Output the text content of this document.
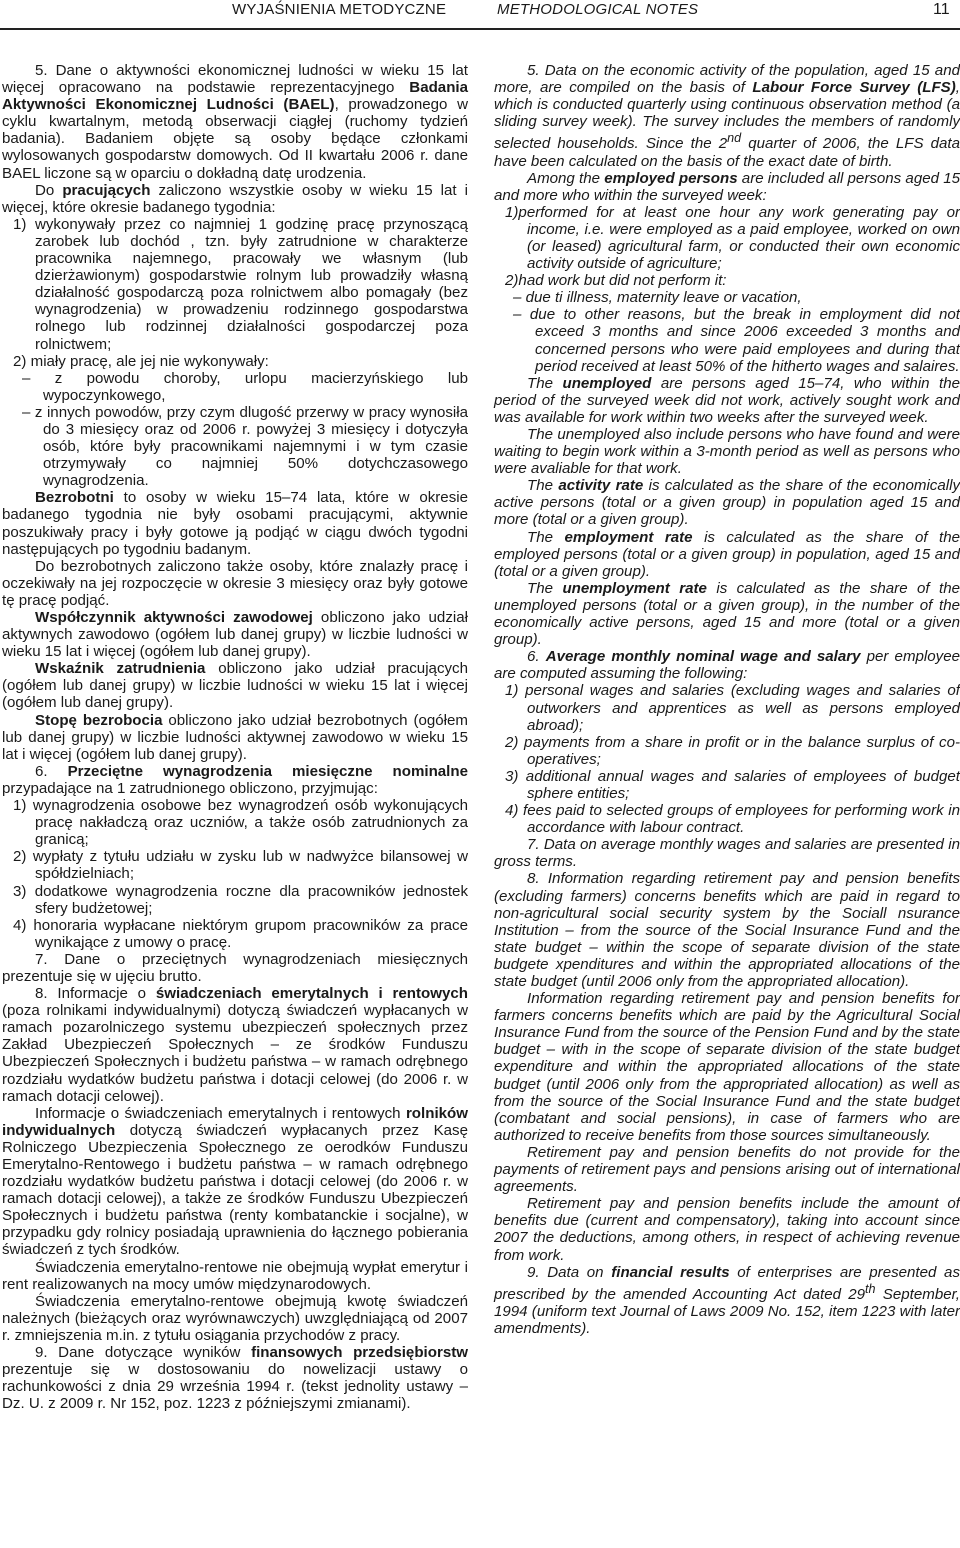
WYJAŚNIENIA METODYCZNE	METHODOLOGICAL NOTES	11

5. Dane o aktywności ekonomicznej ludności w wieku 15 lat więcej opracowano na podstawie reprezentacyjnego Badania Aktywności Ekonomicznej Ludności (BAEL), prowadzonego w cyklu kwartalnym, metodą obserwacji ciągłej (ruchomy tydzień badania). Badaniem objęte są osoby będące członkami wylosowanych gospodarstw domowych. Od II kwartału 2006 r. dane BAEL liczone są w oparciu o dokładną datę urodzenia.

Do pracujących zaliczono wszystkie osoby w wieku 15 lat i więcej, które okresie badanego tygodnia:

1) wykonywały przez co najmniej 1 godzinę pracę przynoszącą zarobek lub dochód , tzn. były zatrudnione w charakterze pracownika najemnego, pracowały we własnym (lub dzierżawionym) gospodarstwie rolnym lub prowadziły własną działalność gospodarczą poza rolnictwem albo pomagały (bez wynagrodzenia) w prowadzeniu rodzinnego gospodarstwa rolnego lub rodzinnej działalności gospodarczej poza rolnictwem;

2) miały pracę, ale jej nie wykonywały:

– z powodu choroby, urlopu macierzyńskiego lub wypoczynkowego,

– z innych powodów, przy czym dlugość przerwy w pracy wynosiła do 3 miesięcy oraz od 2006 r. powyżej 3 miesięcy i dotyczyła osób, które były pracownikami najemnymi i w tym czasie otrzymywały co najmniej 50% dotychczasowego wynagrodzenia.

Bezrobotni to osoby w wieku 15–74 lata, które w okresie badanego tygodnia nie były osobami pracującymi, aktywnie poszukiwały pracy i były gotowe ją podjąć w ciągu dwóch tygodni następujących po tygodniu badanym.

Do bezrobotnych zaliczono także osoby, które znalazły pracę i oczekiwały na jej rozpoczęcie w okresie 3 miesięcy oraz były gotowe tę pracę podjąć.

Współczynnik aktywności zawodowej obliczono jako udział aktywnych zawodowo (ogółem lub danej grupy) w liczbie ludności w wieku 15 lat i więcej (ogółem lub danej grupy).

Wskaźnik zatrudnienia obliczono jako udział pracujących (ogółem lub danej grupy) w liczbie ludności w wieku 15 lat i więcej (ogółem lub danej grupy).

Stopę bezrobocia obliczono jako udział bezrobotnych (ogółem lub danej grupy) w liczbie ludności aktywnej zawodowo w wieku 15 lat i więcej (ogółem lub danej grupy).

6. Przeciętne wynagrodzenia miesięczne nominalne przypadające na 1 zatrudnionego obliczono, przyjmując:

1) wynagrodzenia osobowe bez wynagrodzeń osób wykonujących pracę nakładczą oraz uczniów, a także osób zatrudnionych za granicą;

2) wypłaty z tytułu udziału w zysku lub w nadwyżce bilansowej w spółdzielniach;

3) dodatkowe wynagrodzenia roczne dla pracowników jednostek sfery budżetowej;

4) honoraria wypłacane niektórym grupom pracowników za prace wynikające z umowy o pracę.

7. Dane o przeciętnych wynagrodzeniach miesięcznych prezentuje się w ujęciu brutto.

8. Informacje o świadczeniach emerytalnych i rentowych (poza rolnikami indywidualnymi) dotyczą świadczeń wypłacanych w ramach pozarolniczego systemu ubezpieczeń społecznych przez Zakład Ubezpieczeń Społecznych – ze środków Funduszu Ubezpieczeń Społecznych i budżetu państwa – w ramach odrębnego rozdziału wydatków budżetu państwa i dotacji celowej (do 2006 r. w ramach dotacji celowej).

Informacje o świadczeniach emerytalnych i rentowych rolników indywidualnych dotyczą świadczeń wypłacanych przez Kasę Rolniczego Ubezpieczenia Społecznego ze oerodków Funduszu Emerytalno-Rentowego i budżetu państwa – w ramach odrębnego rozdziału wydatków budżetu państwa i dotacji celowej (do 2006 r. w ramach dotacji celowej), a także ze środków Funduszu Ubezpieczeń Społecznych i budżetu państwa (renty kombatanckie i socjalne), w przypadku gdy rolnicy posiadają uprawnienia do łącznego pobierania świadczeń z tych środków.

Świadczenia emerytalno-rentowe nie obejmują wypłat emerytur i rent realizowanych na mocy umów międzynarodowych.

Świadczenia emerytalno-rentowe obejmują kwotę świadczeń należnych (bieżących oraz wyrównawczych) uwzględniającą od 2007 r. zmniejszenia m.in. z tytułu osiągania przychodów z pracy.

9. Dane dotyczące wyników finansowych przedsiębiorstw prezentuje się w dostosowaniu do nowelizacji ustawy o rachunkowości z dnia 29 września 1994 r. (tekst jednolity ustawy – Dz. U. z 2009 r. Nr 152, poz. 1223 z późniejszymi zmianami).

5. Data on the economic activity of the population, aged 15 and more, are compiled on the basis of Labour Force Survey (LFS), which is conducted quarterly using continuous observation method (a sliding survey week). The survey includes the members of randomly selected households. Since the 2nd quarter of 2006, the LFS data have been calculated on the basis of the exact date of birth.

Among the employed persons are included all persons aged 15 and more who within the surveyed week:

1)performed for at least one hour any work generating pay or income, i.e. were employed as a paid employee, worked on own (or leased) agricultural farm, or conducted their own economic activity outside of agriculture;

2)had work but did not perform it:

– due ti illness, maternity leave or vacation,

– due to other reasons, but the break in employment did not exceed 3 months and since 2006 exceeded 3 months and concerned persons who were paid employees and during that period received at least 50% of the hitherto wages and salaires.

The unemployed are persons aged 15–74, who within the period of the surveyed week did not work, actively sought work and was available for work within two weeks after the surveyed week.

The unemployed also include persons who have found and were waiting to begin work within a 3-month period as well as persons who were avaliable for that work.

The activity rate is calculated as the share of the economically active persons (total or a given group) in population aged 15 and more (total or a given group).

The employment rate is calculated as the share of the employed persons (total or a given group) in population, aged 15 and (total or a given group).

The unemployment rate is calculated as the share of the unemployed persons (total or a given group), in the number of the economically active persons, aged 15 and more (total or a given group).

6. Average monthly nominal wage and salary per employee are computed assuming the following:

1) personal wages and salaries (excluding wages and salaries of outworkers and apprentices as well as persons employed abroad);

2) payments from a share in profit or in the balance surplus of co-operatives;

3) additional annual wages and salaries of employees of budget sphere entities;

4) fees paid to selected groups of employees for performing work in accordance with labour contract.

7. Data on average monthly wages and salaries are presented in gross terms.

8. Information regarding retirement pay and pension benefits (excluding farmers) concerns benefits which are paid in regard to non-agricultural social security system by the Sociall nsurance Institution – from the source of the Social Insurance Fund and the state budget – within the scope of separate division of the state budgete xpenditures and within the appropriated allocations of the state budget (until 2006 only from the appropriated allocation).

Information regarding retirement pay and pension benefits for farmers concerns benefits which are paid by the Agricultural Social Insurance Fund from the source of the Pension Fund and by the state budget – with in the scope of separate division of the state budget expenditure and within the appropriated allocations of the state budget (until 2006 only from the appropriated allocation) as well as from the source of the Social Insurance Fund and the state budget (combatant and social pensions), in case of farmers who are authorized to receive benefits from those sources simultaneously.

Retirement pay and pension benefits do not provide for the payments of retirement pays and pensions arising out of international agreements.

Retirement pay and pension benefits include the amount of benefits due (current and compensatory), taking into account since 2007 the deductions, among others, in respect of achieving revenue from work.

9. Data on financial results of enterprises are presented as prescribed by the amended Accounting Act dated 29th September, 1994 (uniform text Journal of Laws 2009 No. 152, item 1223 with later amendments).
